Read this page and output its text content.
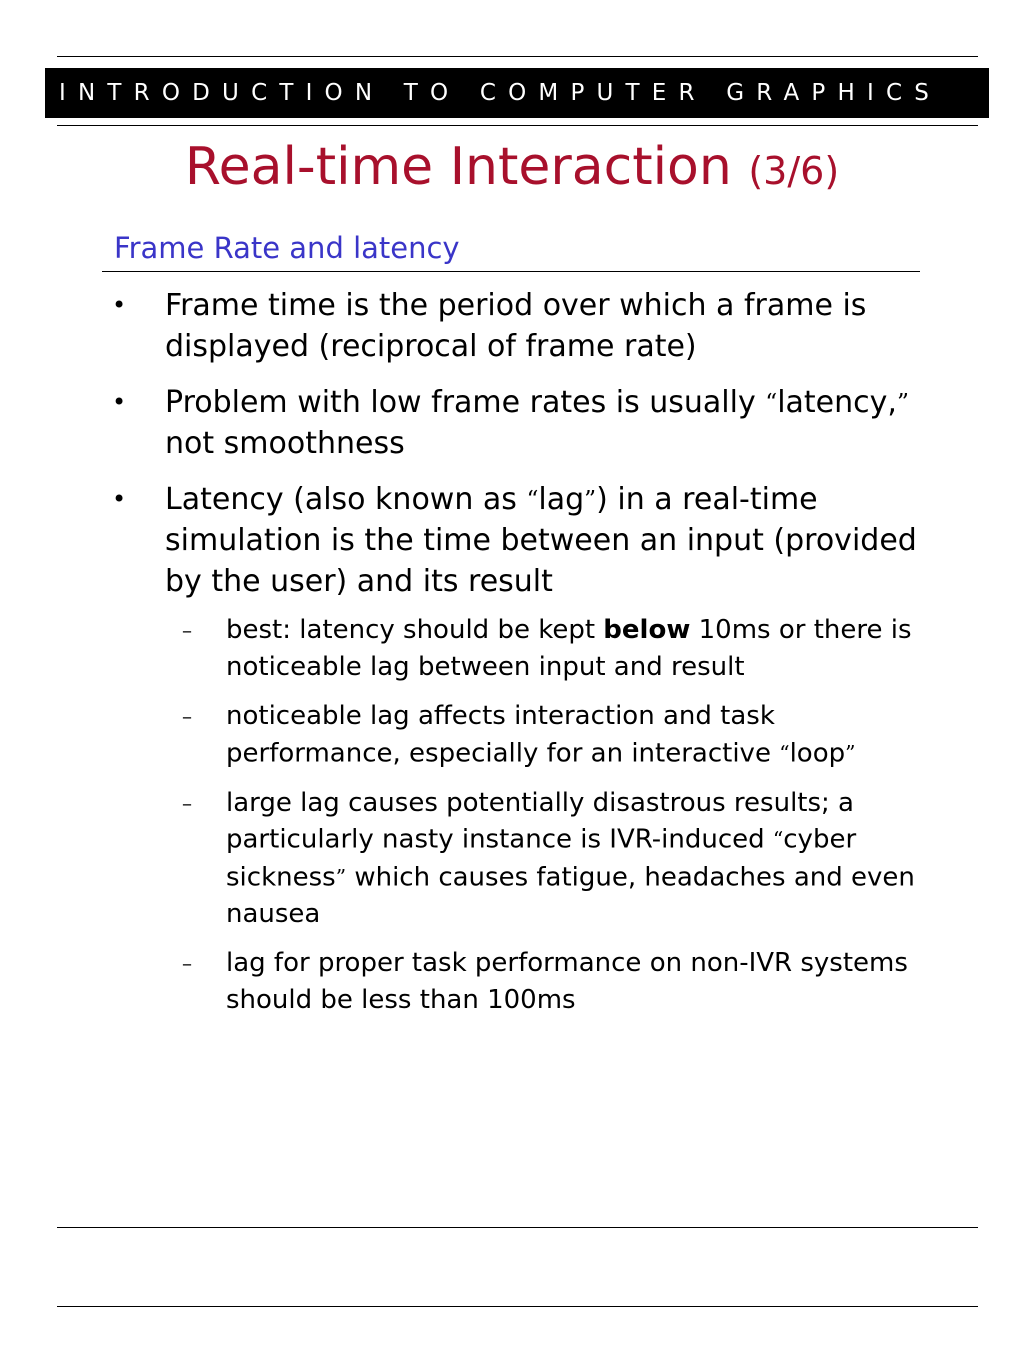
INTRODUCTION TO COMPUTER GRAPHICS
Real-time Interaction (3/6)
Frame Rate and latency
• Frame time is the period over which a frame is displayed (reciprocal of frame rate)
• Problem with low frame rates is usually “latency,” not smoothness
• Latency (also known as “lag”) in a real-time simulation is the time between an input (provided by the user) and its result
– best: latency should be kept below 10ms or there is noticeable lag between input and result
– noticeable lag affects interaction and task performance, especially for an interactive “loop”
– large lag causes potentially disastrous results; a particularly nasty instance is IVR-induced “cyber sickness” which causes fatigue, headaches and even nausea
– lag for proper task performance on non-IVR systems should be less than 100ms
